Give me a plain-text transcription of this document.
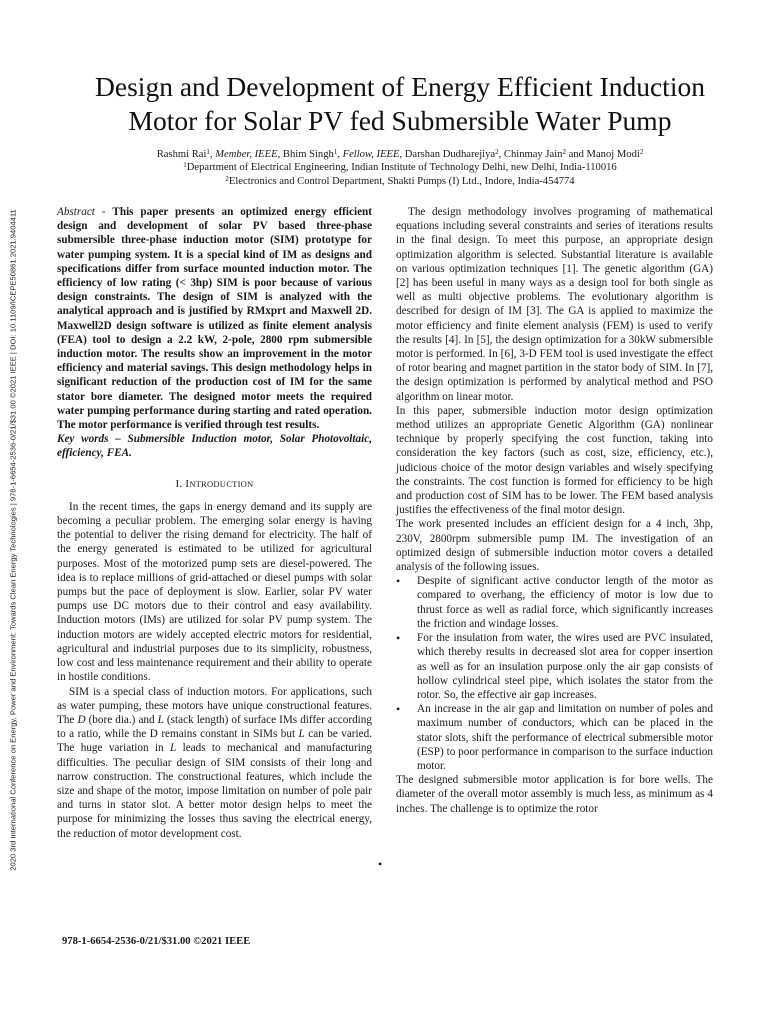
2020 3rd International Conference on Energy, Power and Environment: Towards Clean Energy Technologies | 978-1-6654-2536-0/21/$31.00 ©2021 IEEE | DOI: 10.1109/ICEPE50861.2021.9404411
Design and Development of Energy Efficient Induction
Motor for Solar PV fed Submersible Water Pump
Rashmi Rai$^1$, Member, IEEE, Bhim Singh$^1$, Fellow, IEEE, Darshan Dudharejiya$^2$, Chinmay Jain$^2$ and Manoj Modi$^2$
$^1$Department of Electrical Engineering, Indian Institute of Technology Delhi, new Delhi, India-110016
$^2$Electronics and Control Department, Shakti Pumps (I) Ltd., Indore, India-454774

Abstract - This paper presents an optimized energy efficient design and development of solar PV based three-phase submersible three-phase induction motor (SIM) prototype for water pumping system. It is a special kind of IM as designs and specifications differ from surface mounted induction motor. The efficiency of low rating (< 3hp) SIM is poor because of various design constraints. The design of SIM is analyzed with the analytical approach and is justified by RMxprt and Maxwell 2D. Maxwell2D design software is utilized as finite element analysis (FEA) tool to design a 2.2 kW, 2-pole, 2800 rpm submersible induction motor. The results show an improvement in the motor efficiency and material savings. This design methodology helps in significant reduction of the production cost of IM for the same stator bore diameter. The designed motor meets the required water pumping performance during starting and rated operation. The motor performance is verified through test results.

Key words – Submersible Induction motor, Solar Photovoltaic, efficiency, FEA.

I. INTRODUCTION

In the recent times, the gaps in energy demand and its supply are becoming a peculiar problem. The emerging solar energy is having the potential to deliver the rising demand for electricity. The half of the energy generated is estimated to be utilized for agricultural purposes. Most of the motorized pump sets are diesel-powered. The idea is to replace millions of grid-attached or diesel pumps with solar pumps but the pace of deployment is slow. Earlier, solar PV water pumps use DC motors due to their control and easy availability. Induction motors (IMs) are utilized for solar PV pump system. The induction motors are widely accepted electric motors for residential, agricultural and industrial purposes due to its simplicity, robustness, low cost and less maintenance requirement and their ability to operate in hostile conditions.

SIM is a special class of induction motors. For applications, such as water pumping, these motors have unique constructional features. The D (bore dia.) and L (stack length) of surface IMs differ according to a ratio, while the D remains constant in SIMs but L can be varied. The huge variation in L leads to mechanical and manufacturing difficulties. The peculiar design of SIM consists of their long and narrow construction. The constructional features, which include the size and shape of the motor, impose limitation on number of pole pair and turns in stator slot. A better motor design helps to meet the purpose for minimizing the losses thus saving the electrical energy, the reduction of motor development cost.

The design methodology involves programing of mathematical equations including several constraints and series of iterations results in the final design. To meet this purpose, an appropriate design optimization algorithm is selected. Substantial literature is available on various optimization techniques [1]. The genetic algorithm (GA) [2] has been useful in many ways as a design tool for both single as well as multi objective problems. The evolutionary algorithm is described for design of IM [3]. The GA is applied to maximize the motor efficiency and finite element analysis (FEM) is used to verify the results [4]. In [5], the design optimization for a 30kW submersible motor is performed. In [6], 3-D FEM tool is used investigate the effect of rotor bearing and magnet partition in the stator body of SIM. In [7], the design optimization is performed by analytical method and PSO algorithm on linear motor.

In this paper, submersible induction motor design optimization method utilizes an appropriate Genetic Algorithm (GA) nonlinear technique by properly specifying the cost function, taking into consideration the key factors (such as cost, size, efficiency, etc.), judicious choice of the motor design variables and wisely specifying the constraints. The cost function is formed for efficiency to be high and production cost of SIM has to be lower. The FEM based analysis justifies the effectiveness of the final motor design.

The work presented includes an efficient design for a 4 inch, 3hp, 230V, 2800rpm submersible pump IM. The investigation of an optimized design of submersible induction motor covers a detailed analysis of the following issues.

• Despite of significant active conductor length of the motor as compared to overhang, the efficiency of motor is low due to thrust force as well as radial force, which significantly increases the friction and windage losses.
• For the insulation from water, the wires used are PVC insulated, which thereby results in decreased slot area for copper insertion as well as for an insulation purpose only the air gap consists of hollow cylindrical steel pipe, which isolates the stator from the rotor. So, the effective air gap increases.
• An increase in the air gap and limitation on number of poles and maximum number of conductors, which can be placed in the stator slots, shift the performance of electrical submersible motor (ESP) to poor performance in comparison to the surface induction motor.

The designed submersible motor application is for bore wells. The diameter of the overall motor assembly is much less, as minimum as 4 inches. The challenge is to optimize the rotor

•
978-1-6654-2536-0/21/$31.00 ©2021 IEEE
